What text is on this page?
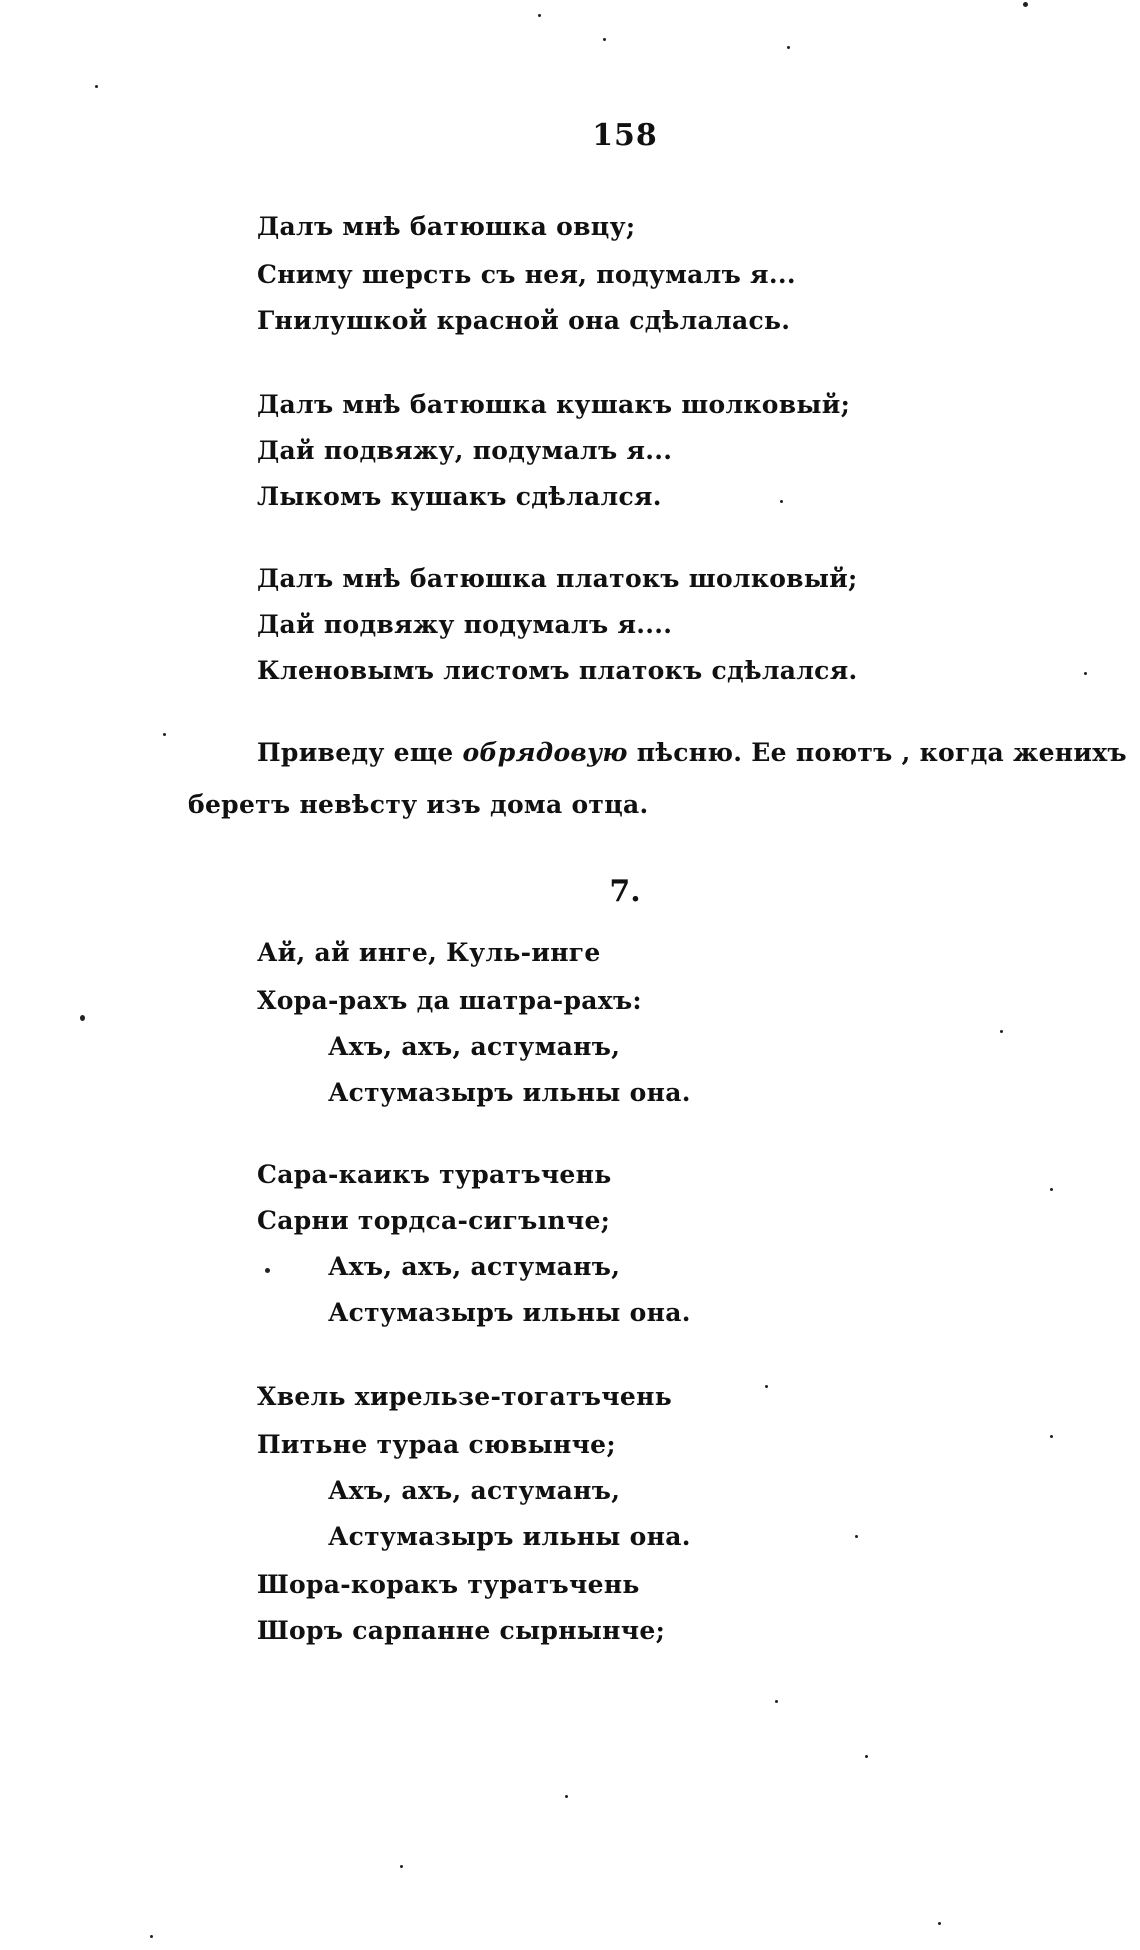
158
Далъ мнѣ батюшка овцу;
Сниму шерсть съ нея, подумалъ я...
Гнилушкой красной она сдѣлалась.
Далъ мнѣ батюшка кушакъ шолковый;
Дай подвяжу, подумалъ я...
Лыкомъ кушакъ сдѣлался.
Далъ мнѣ батюшка платокъ шолковый;
Дай подвяжу подумалъ я....
Кленовымъ листомъ платокъ сдѣлался.
Приведу еще обрядовую пѣсню. Ее поютъ , когда женихъ
беретъ невѣсту изъ дома отца.
7.
Ай, ай инге, Куль-инге
Хора-рахъ да шатра-рахъ:
Ахъ, ахъ, астуманъ,
Астумазыръ ильны она.
Сара-каикъ туратъчень
Сарни тордса-сигъınче;
Ахъ, ахъ, астуманъ,
Астумазыръ ильны она.
Хвель хирельзе-тогатъчень
Питьне тураа сювынче;
Ахъ, ахъ, астуманъ,
Астумазыръ ильны она.
Шора-коракъ туратъчень
Шоръ сарпанне сырнынче;
